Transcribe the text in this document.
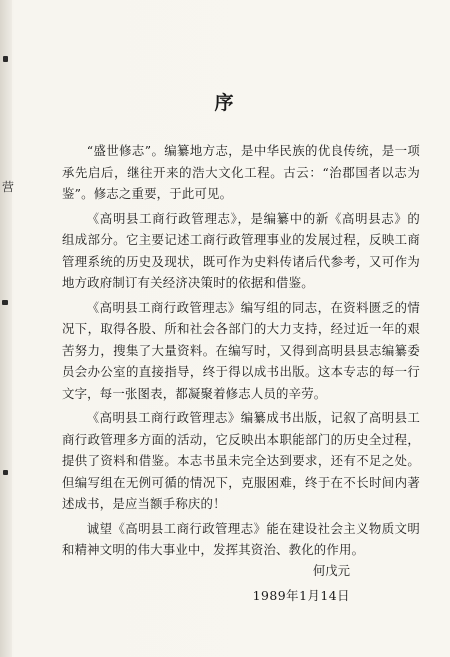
营
序

“盛世修志”。编纂地方志，是中华民族的优良传统，是一项承先启后，继往开来的浩大文化工程。古云：“治郡国者以志为鉴”。修志之重要，于此可见。

《高明县工商行政管理志》，是编纂中的新《高明县志》的组成部分。它主要记述工商行政管理事业的发展过程，反映工商管理系统的历史及现状，既可作为史料传诸后代参考，又可作为地方政府制订有关经济决策时的依据和借鉴。

《高明县工商行政管理志》编写组的同志，在资料匮乏的情况下，取得各股、所和社会各部门的大力支持，经过近一年的艰苦努力，搜集了大量资料。在编写时，又得到高明县县志编纂委员会办公室的直接指导，终于得以成书出版。这本专志的每一行文字，每一张图表，都凝聚着修志人员的辛劳。

《高明县工商行政管理志》编纂成书出版，记叙了高明县工商行政管理多方面的活动，它反映出本职能部门的历史全过程，提供了资料和借鉴。本志书虽未完全达到要求，还有不足之处。但编写组在无例可循的情况下，克服困难，终于在不长时间内著述成书，是应当额手称庆的！

诚望《高明县工商行政管理志》能在建设社会主义物质文明和精神文明的伟大事业中，发挥其资治、教化的作用。

何戊元
1989年1月14日
